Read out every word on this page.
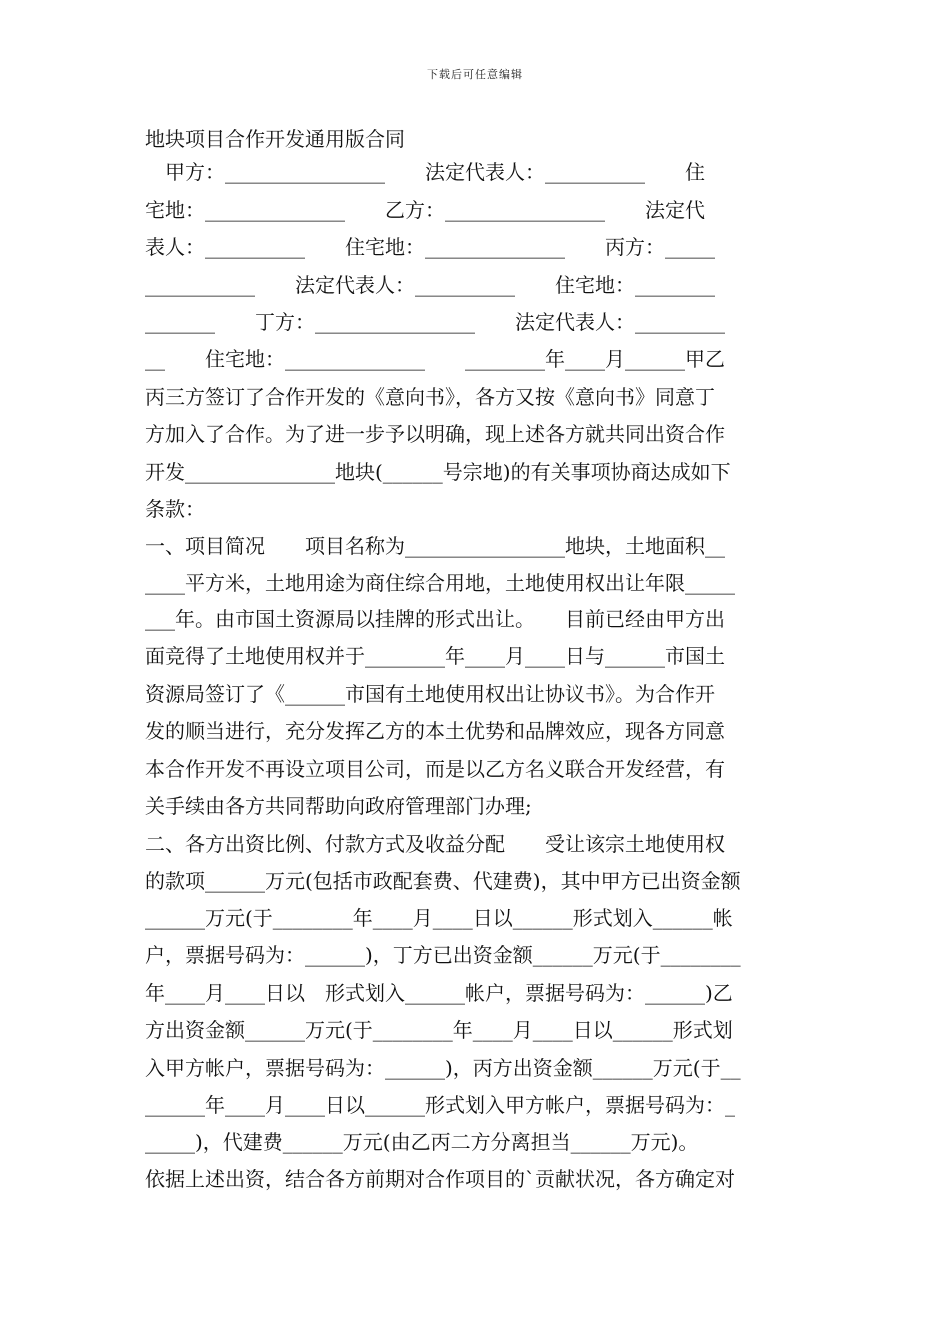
下载后可任意编辑
地块项目合作开发通用版合同
　甲方：________________　　法定代表人：__________　　住
宅地：______________　　乙方：________________　　法定代
表人：__________　　住宅地：______________　　丙方：_____
___________　　法定代表人：__________　　住宅地：________
_______　　丁方：________________　　法定代表人：_________
__　　住宅地：______________　　________年____月______甲乙
丙三方签订了合作开发的《意向书》，各方又按《意向书》同意丁
方加入了合作。为了进一步予以明确，现上述各方就共同出资合作
开发_______________地块(______号宗地)的有关事项协商达成如下
条款：
一、项目简况　　项目名称为________________地块，土地面积__
____平方米，土地用途为商住综合用地，土地使用权出让年限_____
___年。由市国土资源局以挂牌的形式出让。　　目前已经由甲方出
面竞得了土地使用权并于________年____月____日与______市国土
资源局签订了《______市国有土地使用权出让协议书》。为合作开
发的顺当进行，充分发挥乙方的本土优势和品牌效应，现各方同意
本合作开发不再设立项目公司，而是以乙方名义联合开发经营，有
关手续由各方共同帮助向政府管理部门办理;
二、各方出资比例、付款方式及收益分配　　受让该宗土地使用权
的款项______万元(包括市政配套费、代建费)，其中甲方已出资金额
______万元(于________年____月____日以______形式划入______帐
户，票据号码为：______)，丁方已出资金额______万元(于________
年____月____日以　形式划入______帐户，票据号码为：______)乙
方出资金额______万元(于________年____月____日以______形式划
入甲方帐户，票据号码为：______)，丙方出资金额______万元(于__
______年____月____日以______形式划入甲方帐户，票据号码为：_
_____)，代建费______万元(由乙丙二方分离担当______万元)。
依据上述出资，结合各方前期对合作项目的`贡献状况，各方确定对
